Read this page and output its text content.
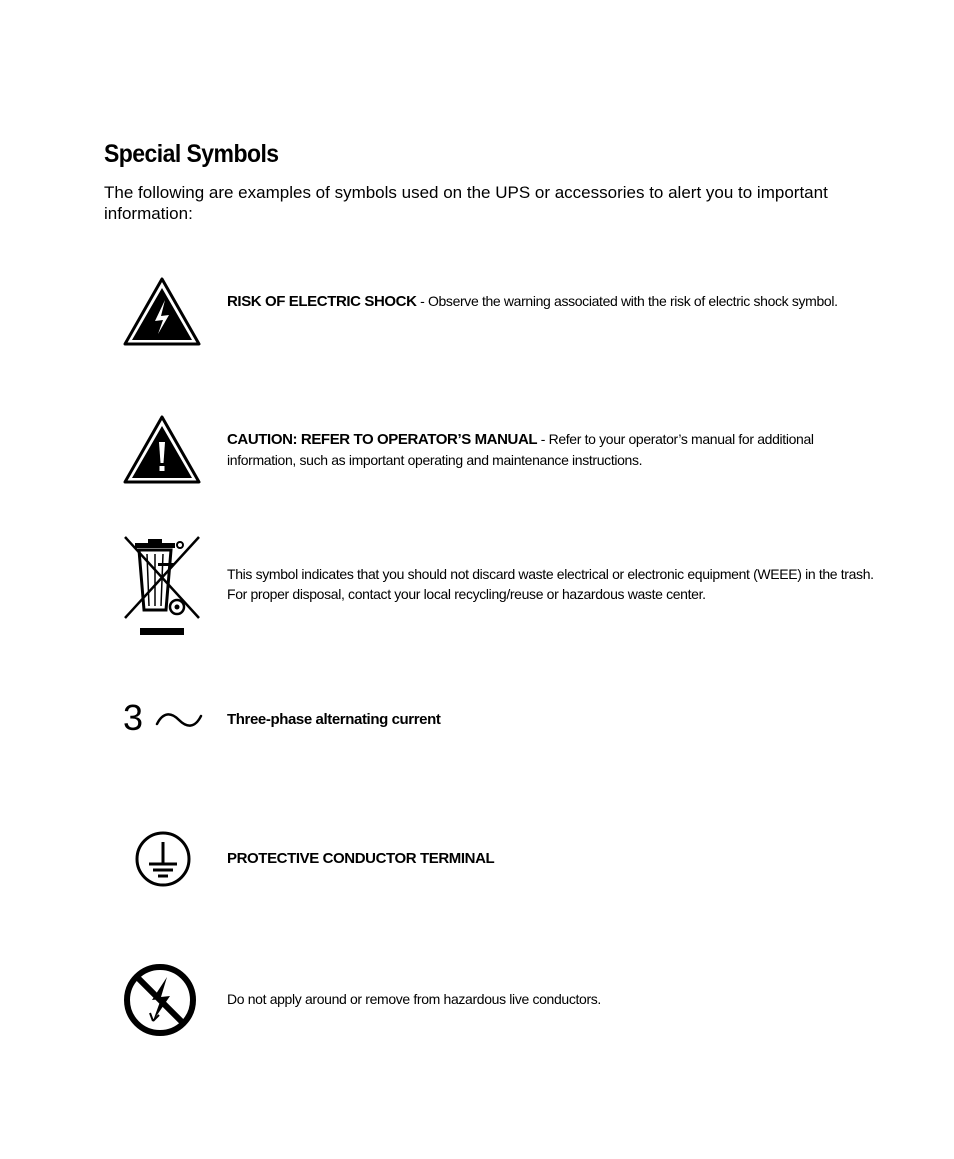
Special Symbols

The following are examples of symbols used on the UPS or accessories to alert you to important information:

RISK OF ELECTRIC SHOCK - Observe the warning associated with the risk of electric shock symbol.
CAUTION: REFER TO OPERATOR’S MANUAL - Refer to your operator’s manual for additional information, such as important operating and maintenance instructions.
This symbol indicates that you should not discard waste electrical or electronic equipment (WEEE) in the trash. For proper disposal, contact your local recycling/reuse or hazardous waste center.
3	Three-phase alternating current
PROTECTIVE CONDUCTOR TERMINAL
Do not apply around or remove from hazardous live conductors.
